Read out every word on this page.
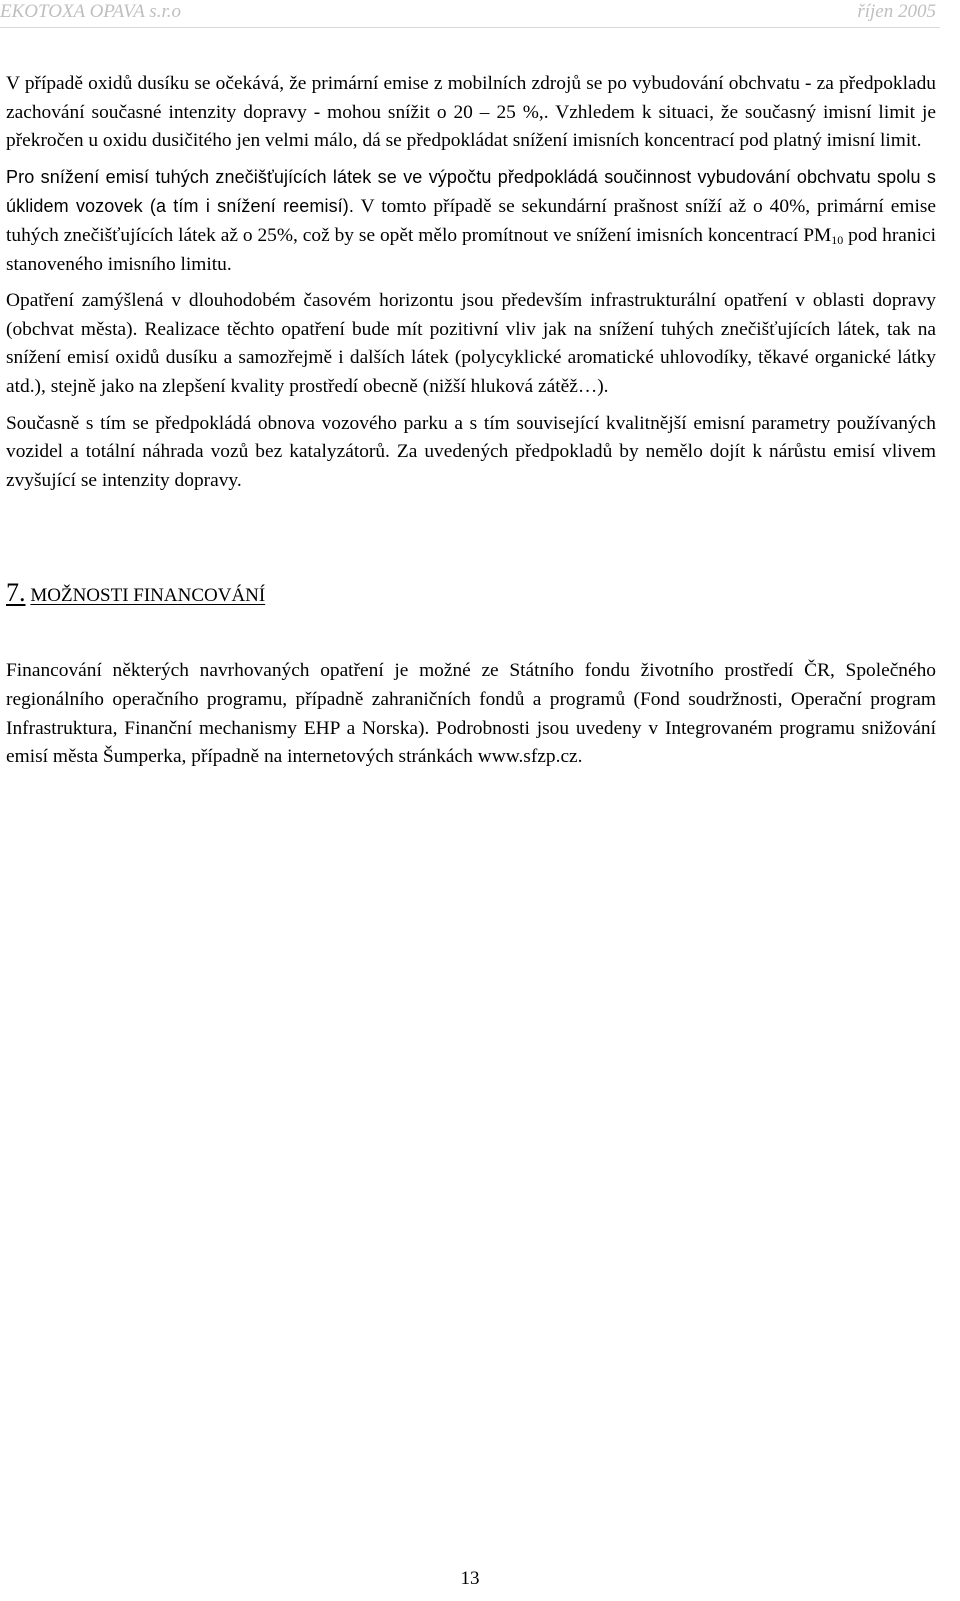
EKOTOXA OPAVA s.r.o	říjen 2005

V případě oxidů dusíku se očekává, že primární emise z mobilních zdrojů se po vybudování obchvatu - za předpokladu zachování současné intenzity dopravy - mohou snížit o 20 – 25 %,. Vzhledem k situaci, že současný imisní limit je překročen u oxidu dusičitého jen velmi málo, dá se předpokládat snížení imisních koncentrací pod platný imisní limit.

Pro snížení emisí tuhých znečišťujících látek se ve výpočtu předpokládá součinnost vybudování obchvatu spolu s úklidem vozovek (a tím i snížení reemisí). V tomto případě se sekundární prašnost sníží až o 40%, primární emise tuhých znečišťujících látek až o 25%, což by se opět mělo promítnout ve snížení imisních koncentrací $PM_{10}$ pod hranici stanoveného imisního limitu.

Opatření zamýšlená v dlouhodobém časovém horizontu jsou především infrastrukturální opatření v oblasti dopravy (obchvat města). Realizace těchto opatření bude mít pozitivní vliv jak na snížení tuhých znečišťujících látek, tak na snížení emisí oxidů dusíku a samozřejmě i dalších látek (polycyklické aromatické uhlovodíky, těkavé organické látky atd.), stejně jako na zlepšení kvality prostředí obecně (nižší hluková zátěž…).

Současně s tím se předpokládá obnova vozového parku a s tím související kvalitnější emisní parametry používaných vozidel a totální náhrada vozů bez katalyzátorů. Za uvedených předpokladů by nemělo dojít k nárůstu emisí vlivem zvyšující se intenzity dopravy.

7. MOŽNOSTI FINANCOVÁNÍ

Financování některých navrhovaných opatření je možné ze Státního fondu životního prostředí ČR, Společného regionálního operačního programu, případně zahraničních fondů a programů (Fond soudržnosti, Operační program Infrastruktura, Finanční mechanismy EHP a Norska). Podrobnosti jsou uvedeny v Integrovaném programu snižování emisí města Šumperka, případně na internetových stránkách www.sfzp.cz.

13
